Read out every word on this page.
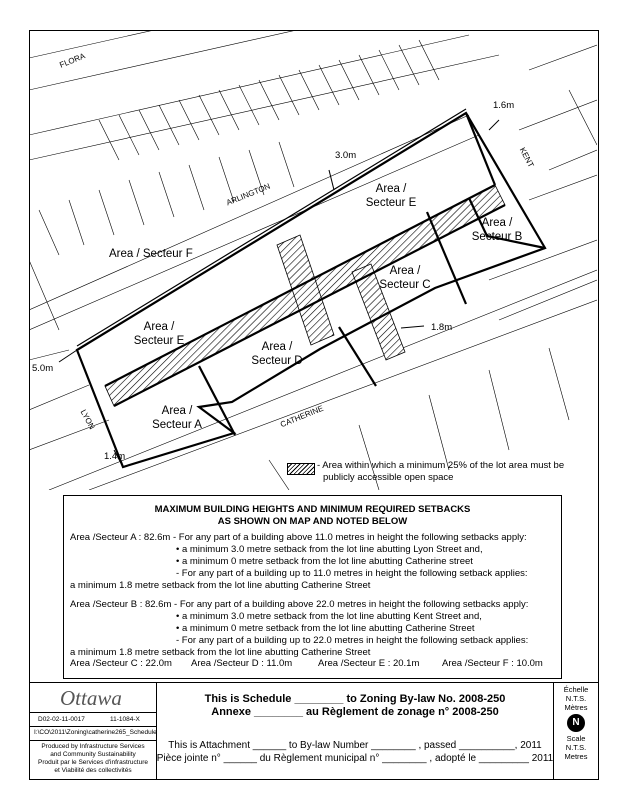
FLORA
ARLINGTON
KENT
LYON	CATHERINE
Area /
Secteur E
Area /
Secteur B
Area /
Secteur C
Area /
Secteur D
Area /
Secteur E
Area /
Secteur A
Area / Secteur F
1.6m
3.0m
1.8m
5.0m
1.4m
- Area within which a minimum 25% of the lot area must be
publicly accessible open space
MAXIMUM BUILDING HEIGHTS AND MINIMUM REQUIRED SETBACKS
AS SHOWN ON MAP AND NOTED BELOW
Area /Secteur A : 82.6m - For any part of a building above 11.0 metres in height the following setbacks apply:
• a minimum 3.0 metre setback from the lot line abutting Lyon Street and,
• a minimum 0 metre setback from the lot line abutting Catherine street
- For any part of a building up to 11.0 metres in height the following setback applies:
a minimum 1.8 metre setback from the lot line abutting Catherine Street
Area /Secteur B : 82.6m - For any part of a building above 22.0 metres in height the following setbacks apply:
• a minimum 3.0 metre setback from the lot line abutting Kent Street and,
• a minimum 0 metre setback from the lot line abutting Catherine Street
- For any part of a building up to 22.0 metres in height the following setback applies:
a minimum 1.8 metre setback from the lot line abutting Catherine Street
Area /Secteur C : 22.0m Area /Secteur D : 11.0m	Area /Secteur E : 20.1m Area /Secteur F : 10.0m
Ottawa
D02-02-11-0017	11-1084-X
I:\CO\2011\Zoning\catherine265_Schedule
Produced by Infrastructure Services
and Community Sustainability
Produit par le Services d'infrastructure
et Viabilité des collectivités
This is Schedule ________ to Zoning By-law No. 2008-250
Annexe ________ au Règlement de zonage n° 2008-250
This is Attachment ______ to By-law Number ________ , passed __________, 2011
Pièce jointe n° ______ du Règlement municipal n° ________ , adopté le _________ 2011
Échelle
N.T.S.
Mètres
N
Scale
N.T.S.
Metres
